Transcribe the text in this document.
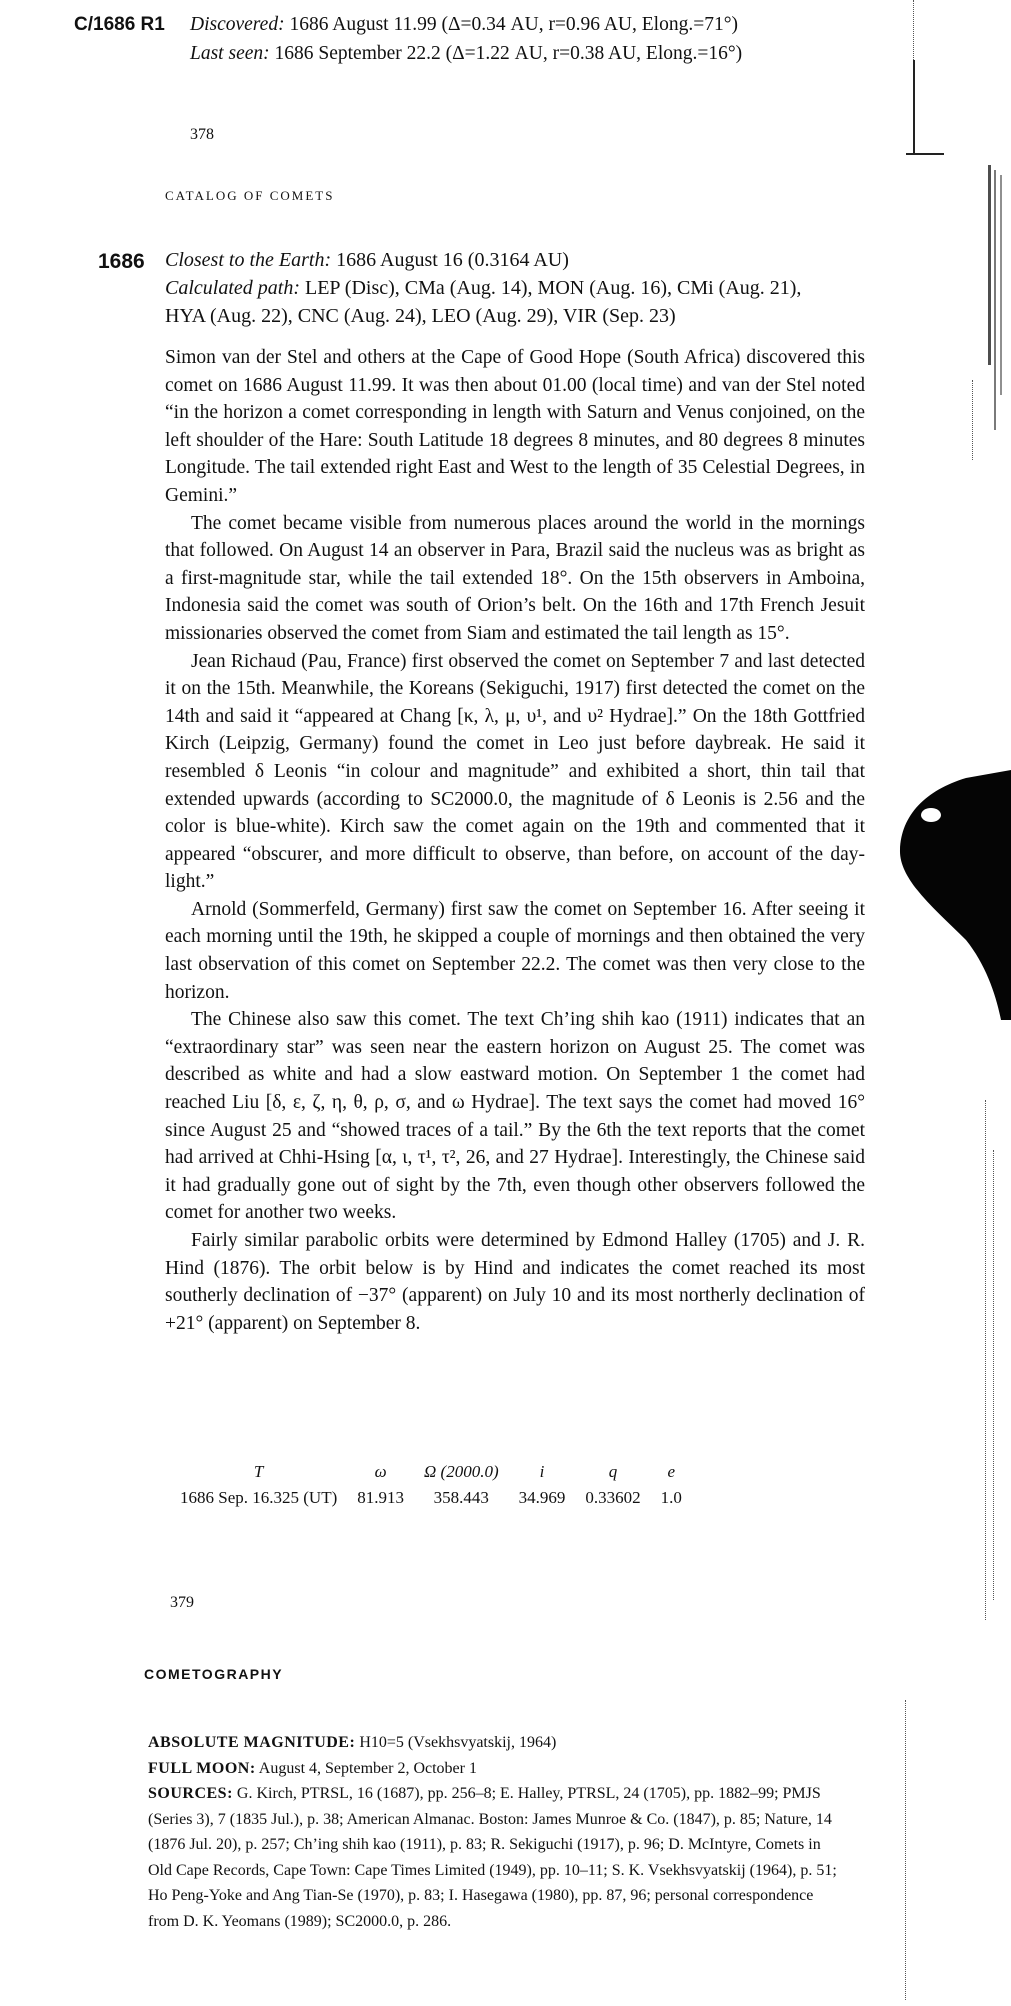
C/1686 R1 Discovered: 1686 August 11.99 (Δ=0.34 AU, r=0.96 AU, Elong.=71°)
Last seen: 1686 September 22.2 (Δ=1.22 AU, r=0.38 AU, Elong.=16°)
378
CATALOG OF COMETS
1686 Closest to the Earth: 1686 August 16 (0.3164 AU)
Calculated path: LEP (Disc), CMa (Aug. 14), MON (Aug. 16), CMi (Aug. 21),
HYA (Aug. 22), CNC (Aug. 24), LEO (Aug. 29), VIR (Sep. 23)

Simon van der Stel and others at the Cape of Good Hope (South Africa) discovered this comet on 1686 August 11.99. It was then about 01.00 (local time) and van der Stel noted “in the horizon a comet corresponding in length with Saturn and Venus conjoined, on the left shoulder of the Hare: South Latitude 18 degrees 8 minutes, and 80 degrees 8 minutes Longitude. The tail extended right East and West to the length of 35 Celestial Degrees, in Gemini.”

The comet became visible from numerous places around the world in the mornings that followed. On August 14 an observer in Para, Brazil said the nucleus was as bright as a first-magnitude star, while the tail extended 18°. On the 15th observers in Amboina, Indonesia said the comet was south of Orion’s belt. On the 16th and 17th French Jesuit missionaries observed the comet from Siam and estimated the tail length as 15°.

Jean Richaud (Pau, France) first observed the comet on September 7 and last detected it on the 15th. Meanwhile, the Koreans (Sekiguchi, 1917) first detected the comet on the 14th and said it “appeared at Chang [κ, λ, μ, υ¹, and υ² Hydrae].” On the 18th Gottfried Kirch (Leipzig, Germany) found the comet in Leo just before daybreak. He said it resembled δ Leonis “in colour and magnitude” and exhibited a short, thin tail that extended upwards (according to SC2000.0, the magnitude of δ Leonis is 2.56 and the color is blue-white). Kirch saw the comet again on the 19th and commented that it appeared “obscurer, and more difficult to observe, than before, on account of the day-light.”

Arnold (Sommerfeld, Germany) first saw the comet on September 16. After seeing it each morning until the 19th, he skipped a couple of mornings and then obtained the very last observation of this comet on September 22.2. The comet was then very close to the horizon.

The Chinese also saw this comet. The text Ch’ing shih kao (1911) indicates that an “extraordinary star” was seen near the eastern horizon on August 25. The comet was described as white and had a slow eastward motion. On September 1 the comet had reached Liu [δ, ε, ζ, η, θ, ρ, σ, and ω Hydrae]. The text says the comet had moved 16° since August 25 and “showed traces of a tail.” By the 6th the text reports that the comet had arrived at Chhi-Hsing [α, ι, τ¹, τ², 26, and 27 Hydrae]. Interestingly, the Chinese said it had gradually gone out of sight by the 7th, even though other observers followed the comet for another two weeks.

Fairly similar parabolic orbits were determined by Edmond Halley (1705) and J. R. Hind (1876). The orbit below is by Hind and indicates the comet reached its most southerly declination of −37° (apparent) on July 10 and its most northerly declination of +21° (apparent) on September 8.

T	ω	Ω (2000.0)	i	q	e
1686 Sep. 16.325 (UT)	81.913	358.443	34.969	0.33602	1.0
379
COMETOGRAPHY
ABSOLUTE MAGNITUDE: H10=5 (Vsekhsvyatskij, 1964)
FULL MOON: August 4, September 2, October 1
SOURCES: G. Kirch, PTRSL, 16 (1687), pp. 256–8; E. Halley, PTRSL, 24 (1705), pp. 1882–99; PMJS (Series 3), 7 (1835 Jul.), p. 38; American Almanac. Boston: James Munroe & Co. (1847), p. 85; Nature, 14 (1876 Jul. 20), p. 257; Ch’ing shih kao (1911), p. 83; R. Sekiguchi (1917), p. 96; D. McIntyre, Comets in Old Cape Records, Cape Town: Cape Times Limited (1949), pp. 10–11; S. K. Vsekhsvyatskij (1964), p. 51; Ho Peng-Yoke and Ang Tian-Se (1970), p. 83; I. Hasegawa (1980), pp. 87, 96; personal correspondence from D. K. Yeomans (1989); SC2000.0, p. 286.
